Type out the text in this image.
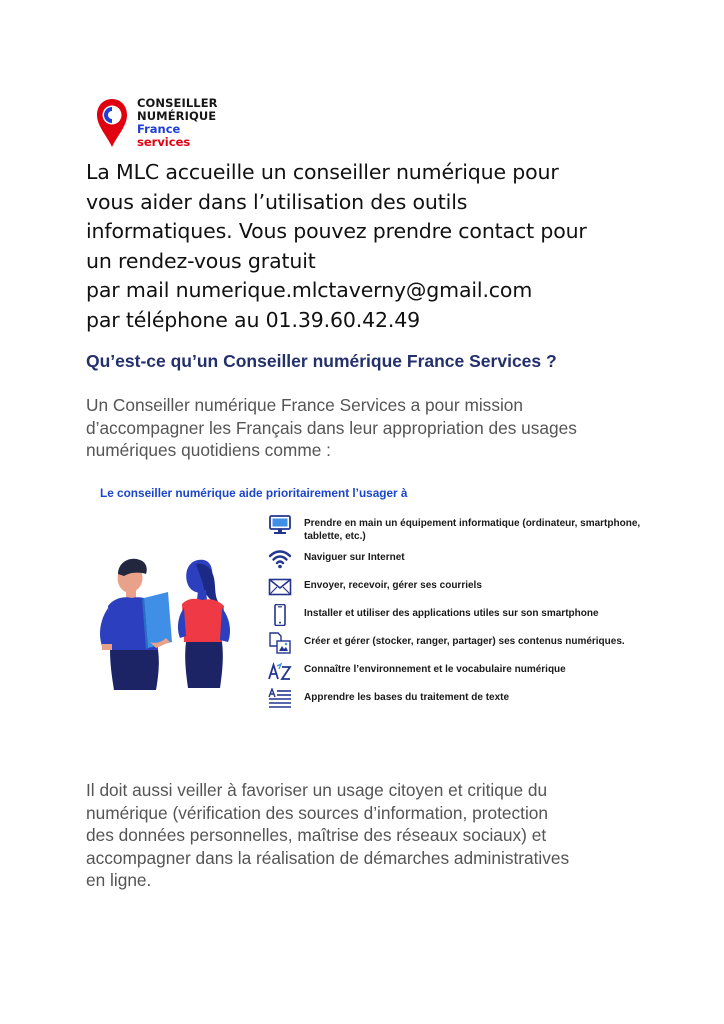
CONSEILLER
NUMÉRIQUE
France
services
La MLC accueille un conseiller numérique pour
vous aider dans l’utilisation des outils
informatiques. Vous pouvez prendre contact pour
un rendez-vous gratuit
par mail numerique.mlctaverny@gmail.com
par téléphone au 01.39.60.42.49
Qu’est-ce qu’un Conseiller numérique France Services ?
Un Conseiller numérique France Services a pour mission
d’accompagner les Français dans leur appropriation des usages
numériques quotidiens comme :
Le conseiller numérique aide prioritairement l’usager à
Prendre en main un équipement informatique (ordinateur, smartphone, tablette, etc.)
Naviguer sur Internet
Envoyer, recevoir, gérer ses courriels
Installer et utiliser des applications utiles sur son smartphone
Créer et gérer (stocker, ranger, partager) ses contenus numériques.
Connaître l’environnement et le vocabulaire numérique
Apprendre les bases du traitement de texte
Il doit aussi veiller à favoriser un usage citoyen et critique du
numérique (vérification des sources d’information, protection
des données personnelles, maîtrise des réseaux sociaux) et
accompagner dans la réalisation de démarches administratives
en ligne.
